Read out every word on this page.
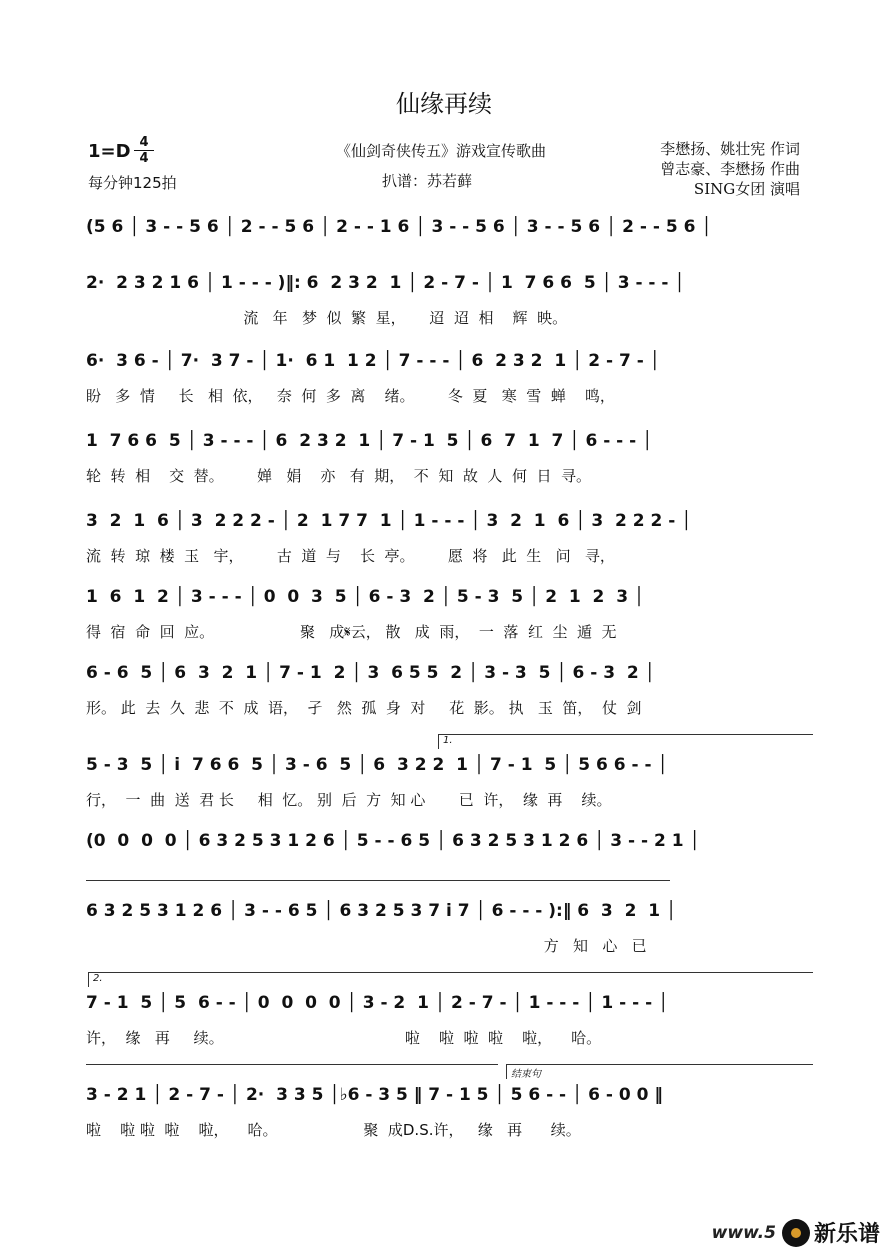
仙缘再续
1=D 4
4
每分钟125拍
《仙剑奇侠传五》游戏宣传歌曲
扒谱：苏若藓
李懋扬、姚壮宪 作词
曾志豪、李懋扬 作曲
SING女团 演唱
(5 6 │ 3 - - 5 6 │ 2 - - 5 6 │ 2 - - 1 6 │ 3 - - 5 6 │ 3 - - 5 6 │ 2 - - 5 6 │
2·  2 3 2 1 6 │ 1 - - - )‖: 6  2 3 2  1 │ 2 - 7 - │ 1  7 6 6  5 │ 3 - - - │
流   年   梦  似  繁  星，     迢  迢  相    辉  映。
6·  3 6 - │ 7·  3 7 - │ 1·  6 1  1 2 │ 7 - - - │ 6  2 3 2  1 │ 2 - 7 - │
盼   多  情     长   相  依，   奈  何  多  离    绪。       冬  夏   寒  雪  蝉    鸣，
1  7 6 6  5 │ 3 - - - │ 6  2 3 2  1 │ 7 - 1  5 │ 6  7  1  7 │ 6 - - - │
轮  转  相    交  替。       婵   娟    亦   有  期，  不  知  故  人  何  日  寻。
3  2  1  6 │ 3  2 2 2 - │ 2  1 7 7  1 │ 1 - - - │ 3  2  1  6 │ 3  2 2 2 - │
流  转  琼  楼  玉   宇，       古  道  与    长  亭。       愿  将   此  生   问   寻，
1  6  1  2 │ 3 - - - │ 0  0  3  5 │ 6 - 3  2 │ 5 - 3  5 │ 2  1  2  3 │
得  宿  命  回  应。                  聚   成𝄋云， 散   成  雨，  一  落  红  尘  遁  无
6 - 6  5 │ 6  3  2  1 │ 7 - 1  2 │ 3  6 5 5  2 │ 3 - 3  5 │ 6 - 3  2 │
形。 此  去  久  悲  不  成  语，  孑   然  孤  身  对     花  影。 执   玉  笛，  仗  剑
1.
5 - 3  5 │ i  7 6 6  5 │ 3 - 6  5 │ 6  3 2 2  1 │ 7 - 1  5 │ 5 6 6 - - │
行，  一  曲  送  君 长     相  忆。 别  后  方  知 心       已  许，  缘  再    续。
(0  0  0  0 │ 6 3 2 5 3 1 2 6 │ 5 - - 6 5 │ 6 3 2 5 3 1 2 6 │ 3 - - 2 1 │
6 3 2 5 3 1 2 6 │ 3 - - 6 5 │ 6 3 2 5 3 7 i 7 │ 6 - - - ):‖ 6  3  2  1 │
方   知   心   已
2.
7 - 1  5 │ 5  6 - - │ 0  0  0  0 │ 3 - 2  1 │ 2 - 7 - │ 1 - - - │ 1 - - - │
许，  缘   再     续。                                      啦    啦  啦  啦    啦，    哈。
结束句
3 - 2 1 │ 2 - 7 - │ 2·  3 3 5 │♭6 - 3 5 ‖ 7 - 1 5 │ 5 6 - - │ 6 - 0 0 ‖
啦    啦 啦  啦    啦，    哈。                  聚  成D.S.许，   缘   再      续。
www.5 新乐谱
